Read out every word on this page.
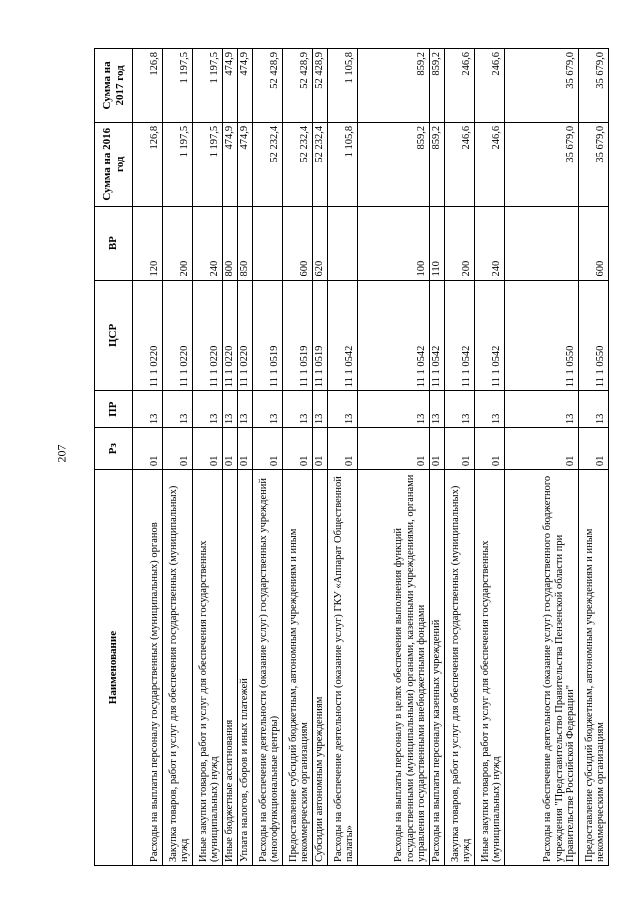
207
Наименование	Рз	ПР	ЦСР	ВР	Сумма на 2016 год	Сумма на 2017 год
Расходы на выплаты персоналу государственных (муниципальных) органов	01	13	11 1 0220	120	126,8	126,8
Закупка товаров, работ и услуг для обеспечения государственных (муниципальных) нужд	01	13	11 1 0220	200	1 197,5	1 197,5
Иные закупки товаров, работ и услуг для обеспечения государственных (муниципальных) нужд	01	13	11 1 0220	240	1 197,5	1 197,5
Иные бюджетные ассигнования	01	13	11 1 0220	800	474,9	474,9
Уплата налогов, сборов и иных платежей	01	13	11 1 0220	850	474,9	474,9
Расходы на обеспечение деятельности (оказание услуг) государственных учреждений (многофункциональные центры)	01	13	11 1 0519		52 232,4	52 428,9
Предоставление субсидий бюджетным, автономным учреждениям и иным некоммерческим организациям	01	13	11 1 0519	600	52 232,4	52 428,9
Субсидии автономным учреждениям	01	13	11 1 0519	620	52 232,4	52 428,9
Расходы на обеспечение деятельности (оказание услуг) ГКУ «Аппарат Общественной палаты»	01	13	11 1 0542		1 105,8	1 105,8
Расходы на выплаты персоналу в целях обеспечения выполнения функций государственными (муниципальными) органами, казенными учреждениями, органами управления государственными внебюджетными фондами	01	13	11 1 0542	100	859,2	859,2
Расходы на выплаты персоналу казенных учреждений	01	13	11 1 0542	110	859,2	859,2
Закупка товаров, работ и услуг для обеспечения государственных (муниципальных) нужд	01	13	11 1 0542	200	246,6	246,6
Иные закупки товаров, работ и услуг для обеспечения государственных (муниципальных) нужд	01	13	11 1 0542	240	246,6	246,6
Расходы на обеспечение деятельности (оказание услуг) государственного бюджетного учреждения "Представительство Правительства Пензенской области при Правительстве Российской Федерации"	01	13	11 1 0550		35 679,0	35 679,0
Предоставление субсидий бюджетным, автономным учреждениям и иным некоммерческим организациям	01	13	11 1 0550	600	35 679,0	35 679,0
